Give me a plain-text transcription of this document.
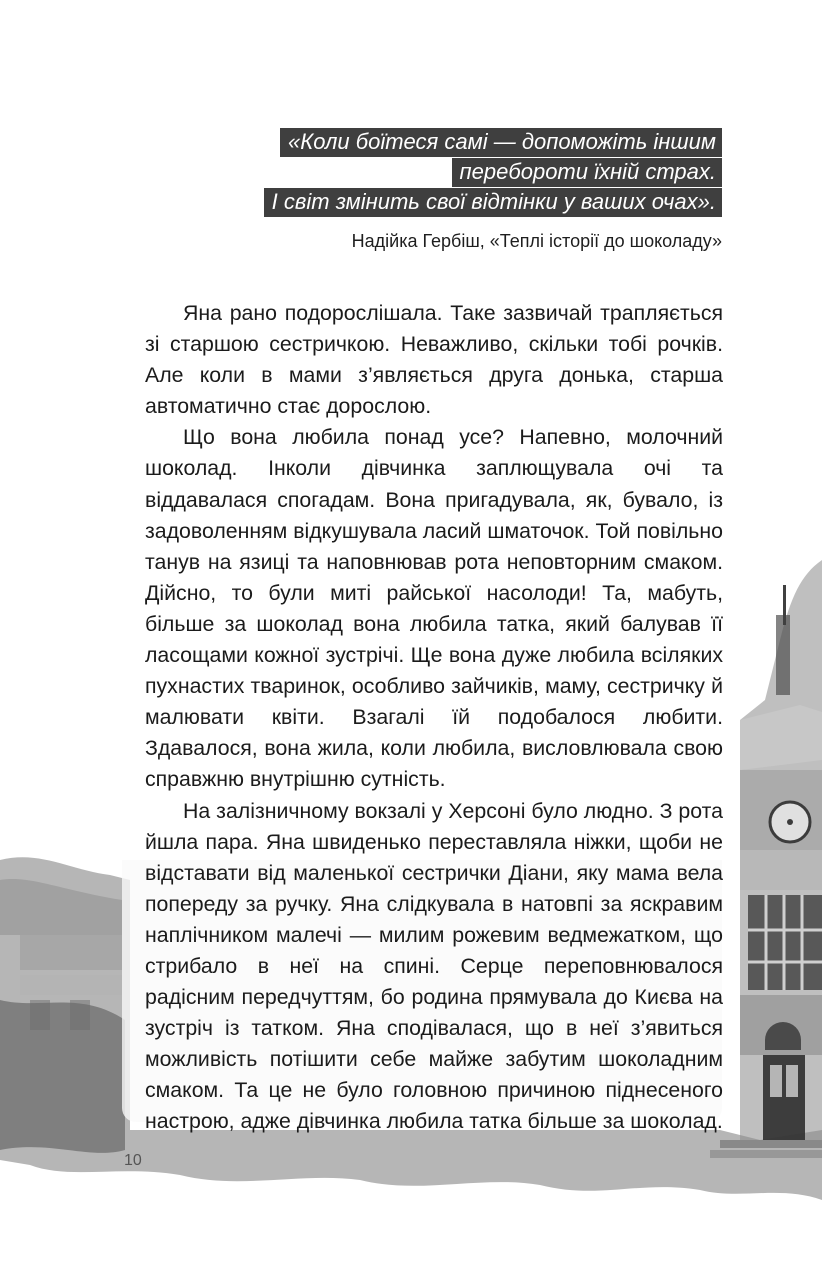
«Коли боїтеся самі — допоможіть іншим
перебороти їхній страх.
І світ змінить свої відтінки у ваших очах».
Надійка Гербіш, «Теплі історії до шоколаду»

Яна рано подорослішала. Таке зазвичай трапляється зі старшою сестричкою. Неважливо, скільки тобі рочків. Але коли в мами з’являється друга донька, старша автоматично стає дорослою.

Що вона любила понад усе? Напевно, молочний шоколад. Інколи дівчинка заплющувала очі та віддавалася спогадам. Вона пригадувала, як, бувало, із задоволенням відкушувала ласий шматочок. Той повільно танув на язиці та наповнював рота неповторним смаком. Дійсно, то були миті райської насолоди! Та, мабуть, більше за шоколад вона любила татка, який балував її ласощами кожної зустрічі. Ще вона дуже любила всіляких пухнастих тваринок, особливо зайчиків, маму, сестричку й малювати квіти. Взагалі їй подобалося любити. Здавалося, вона жила, коли любила, висловлювала свою справжню внутрішню сутність.

На залізничному вокзалі у Херсоні було людно. З рота йшла пара. Яна швиденько переставляла ніжки, щоби не відставати від маленької сестрички Діани, яку мама вела попереду за ручку. Яна слідкувала в натовпі за яскравим наплічником малечі — милим рожевим ведмежатком, що стрибало в неї на спині. Серце переповнювалося радісним передчуттям, бо родина прямувала до Києва на зустріч із татком. Яна сподівалася, що в неї з’явиться можливість потішити себе майже забутим шоколадним смаком. Та це не було головною причиною піднесеного настрою, адже дівчинка любила татка більше за шоколад.

10
